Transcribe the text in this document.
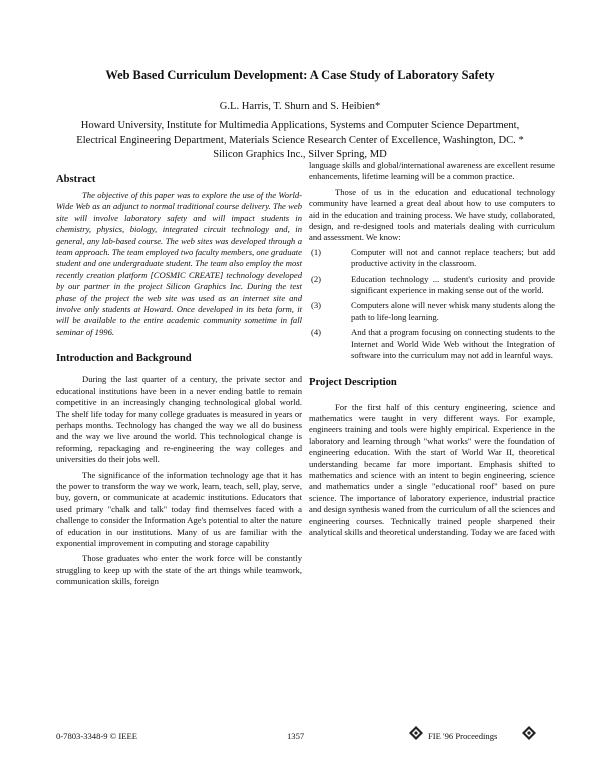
Web Based Curriculum Development: A Case Study of Laboratory Safety
G.L. Harris, T. Shurn and S. Heibien*
Howard University, Institute for Multimedia Applications, Systems and Computer Science Department,
Electrical Engineering Department, Materials Science Research Center of Excellence, Washington, DC. *
Silicon Graphics Inc., Silver Spring, MD
Abstract

The objective of this paper was to explore the use of the World-Wide Web as an adjunct to normal traditional course delivery. The web site will involve laboratory safety and will impact students in chemistry, physics, biology, integrated circuit technology and, in general, any lab-based course. The web sites was developed through a team approach. The team employed two faculty members, one graduate student and one undergraduate student. The team also employ the most recently creation platform [COSMIC CREATE] technology developed by our partner in the project Silicon Graphics Inc. During the test phase of the project the web site was used as an internet site and involve only students at Howard. Once developed in its beta form, it will be available to the entire academic community sometime in fall seminar of 1996.

Introduction and Background

During the last quarter of a century, the private sector and educational institutions have been in a never ending battle to remain competitive in an increasingly changing technological global world. The shelf life today for many college graduates is measured in years or perhaps months. Technology has changed the way we all do business and the way we live around the world. This technological change is reforming, repackaging and re-engineering the way colleges and universities do their jobs well.

The significance of the information technology age that it has the power to transform the way we work, learn, teach, sell, play, serve, buy, govern, or communicate at academic institutions. Educators that used primary "chalk and talk" today find themselves faced with a challenge to consider the Information Age's potential to alter the nature of education in our institutions. Many of us are familiar with the exponential improvement in computing and storage capability

Those graduates who enter the work force will be constantly struggling to keep up with the state of the art things while teamwork, communication skills, foreign

language skills and global/international awareness are excellent resume enhancements, lifetime learning will be a common practice.

Those of us in the education and educational technology community have learned a great deal about how to use computers to aid in the education and training process. We have study, collaborated, design, and re-designed tools and materials dealing with curriculum and assessment. We know:

(1)	Computer will not and cannot replace teachers; but add productive activity in the classroom.
(2)	Education technology ... student's curiosity and provide significant experience in making sense out of the world.
(3)	Computers alone will never whisk many students along the path to life-long learning.
(4)	And that a program focusing on connecting students to the Internet and World Wide Web without the Integration of software into the curriculum may not add in learnful ways.
Project Description

For the first half of this century engineering, science and mathematics were taught in very different ways. For example, engineers training and tools were highly empirical. Experience in the laboratory and learning through "what works" were the foundation of engineering education. With the start of World War II, theoretical understanding became far more important. Emphasis shifted to mathematics and science with an intent to begin engineering, science and mathematics under a single "educational roof" based on pure science. The importance of laboratory experience, industrial practice and design synthesis waned from the curriculum of all the sciences and engineering courses. Technically trained people sharpened their analytical skills and theoretical understanding. Today we are faced with

0-7803-3348-9 © IEEE	1357	FIE '96 Proceedings
